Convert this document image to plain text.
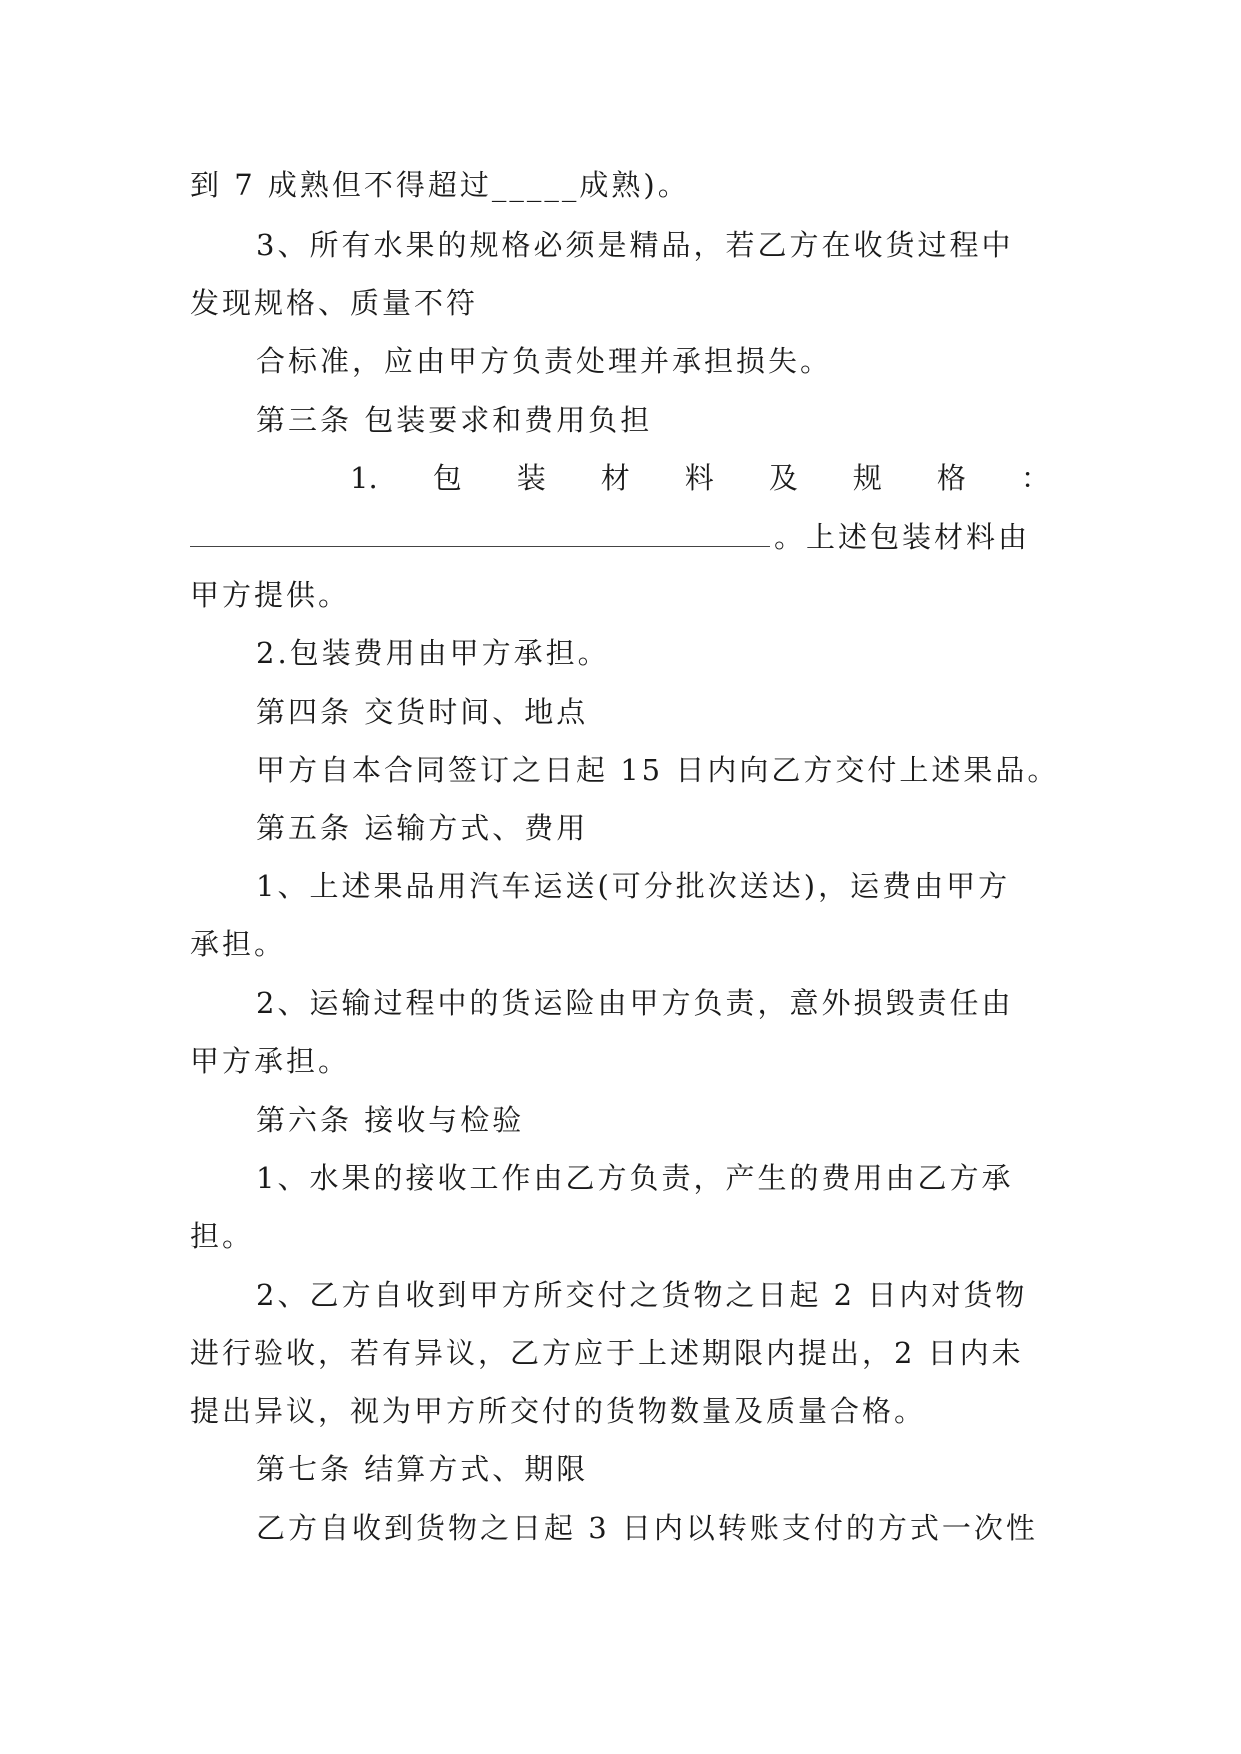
到 7 成熟但不得超过_____成熟)。
3、所有水果的规格必须是精品，若乙方在收货过程中
发现规格、质量不符
合标准，应由甲方负责处理并承担损失。
第三条 包装要求和费用负担
1. 包 装 材 料 及 规 格 ：
。上述包装材料由
甲方提供。
2.包装费用由甲方承担。
第四条 交货时间、地点
甲方自本合同签订之日起 15 日内向乙方交付上述果品。
第五条 运输方式、费用
1、上述果品用汽车运送(可分批次送达)，运费由甲方
承担。
2、运输过程中的货运险由甲方负责，意外损毁责任由
甲方承担。
第六条 接收与检验
1、水果的接收工作由乙方负责，产生的费用由乙方承
担。
2、乙方自收到甲方所交付之货物之日起 2 日内对货物
进行验收，若有异议，乙方应于上述期限内提出，2 日内未
提出异议，视为甲方所交付的货物数量及质量合格。
第七条 结算方式、期限
乙方自收到货物之日起 3 日内以转账支付的方式一次性
